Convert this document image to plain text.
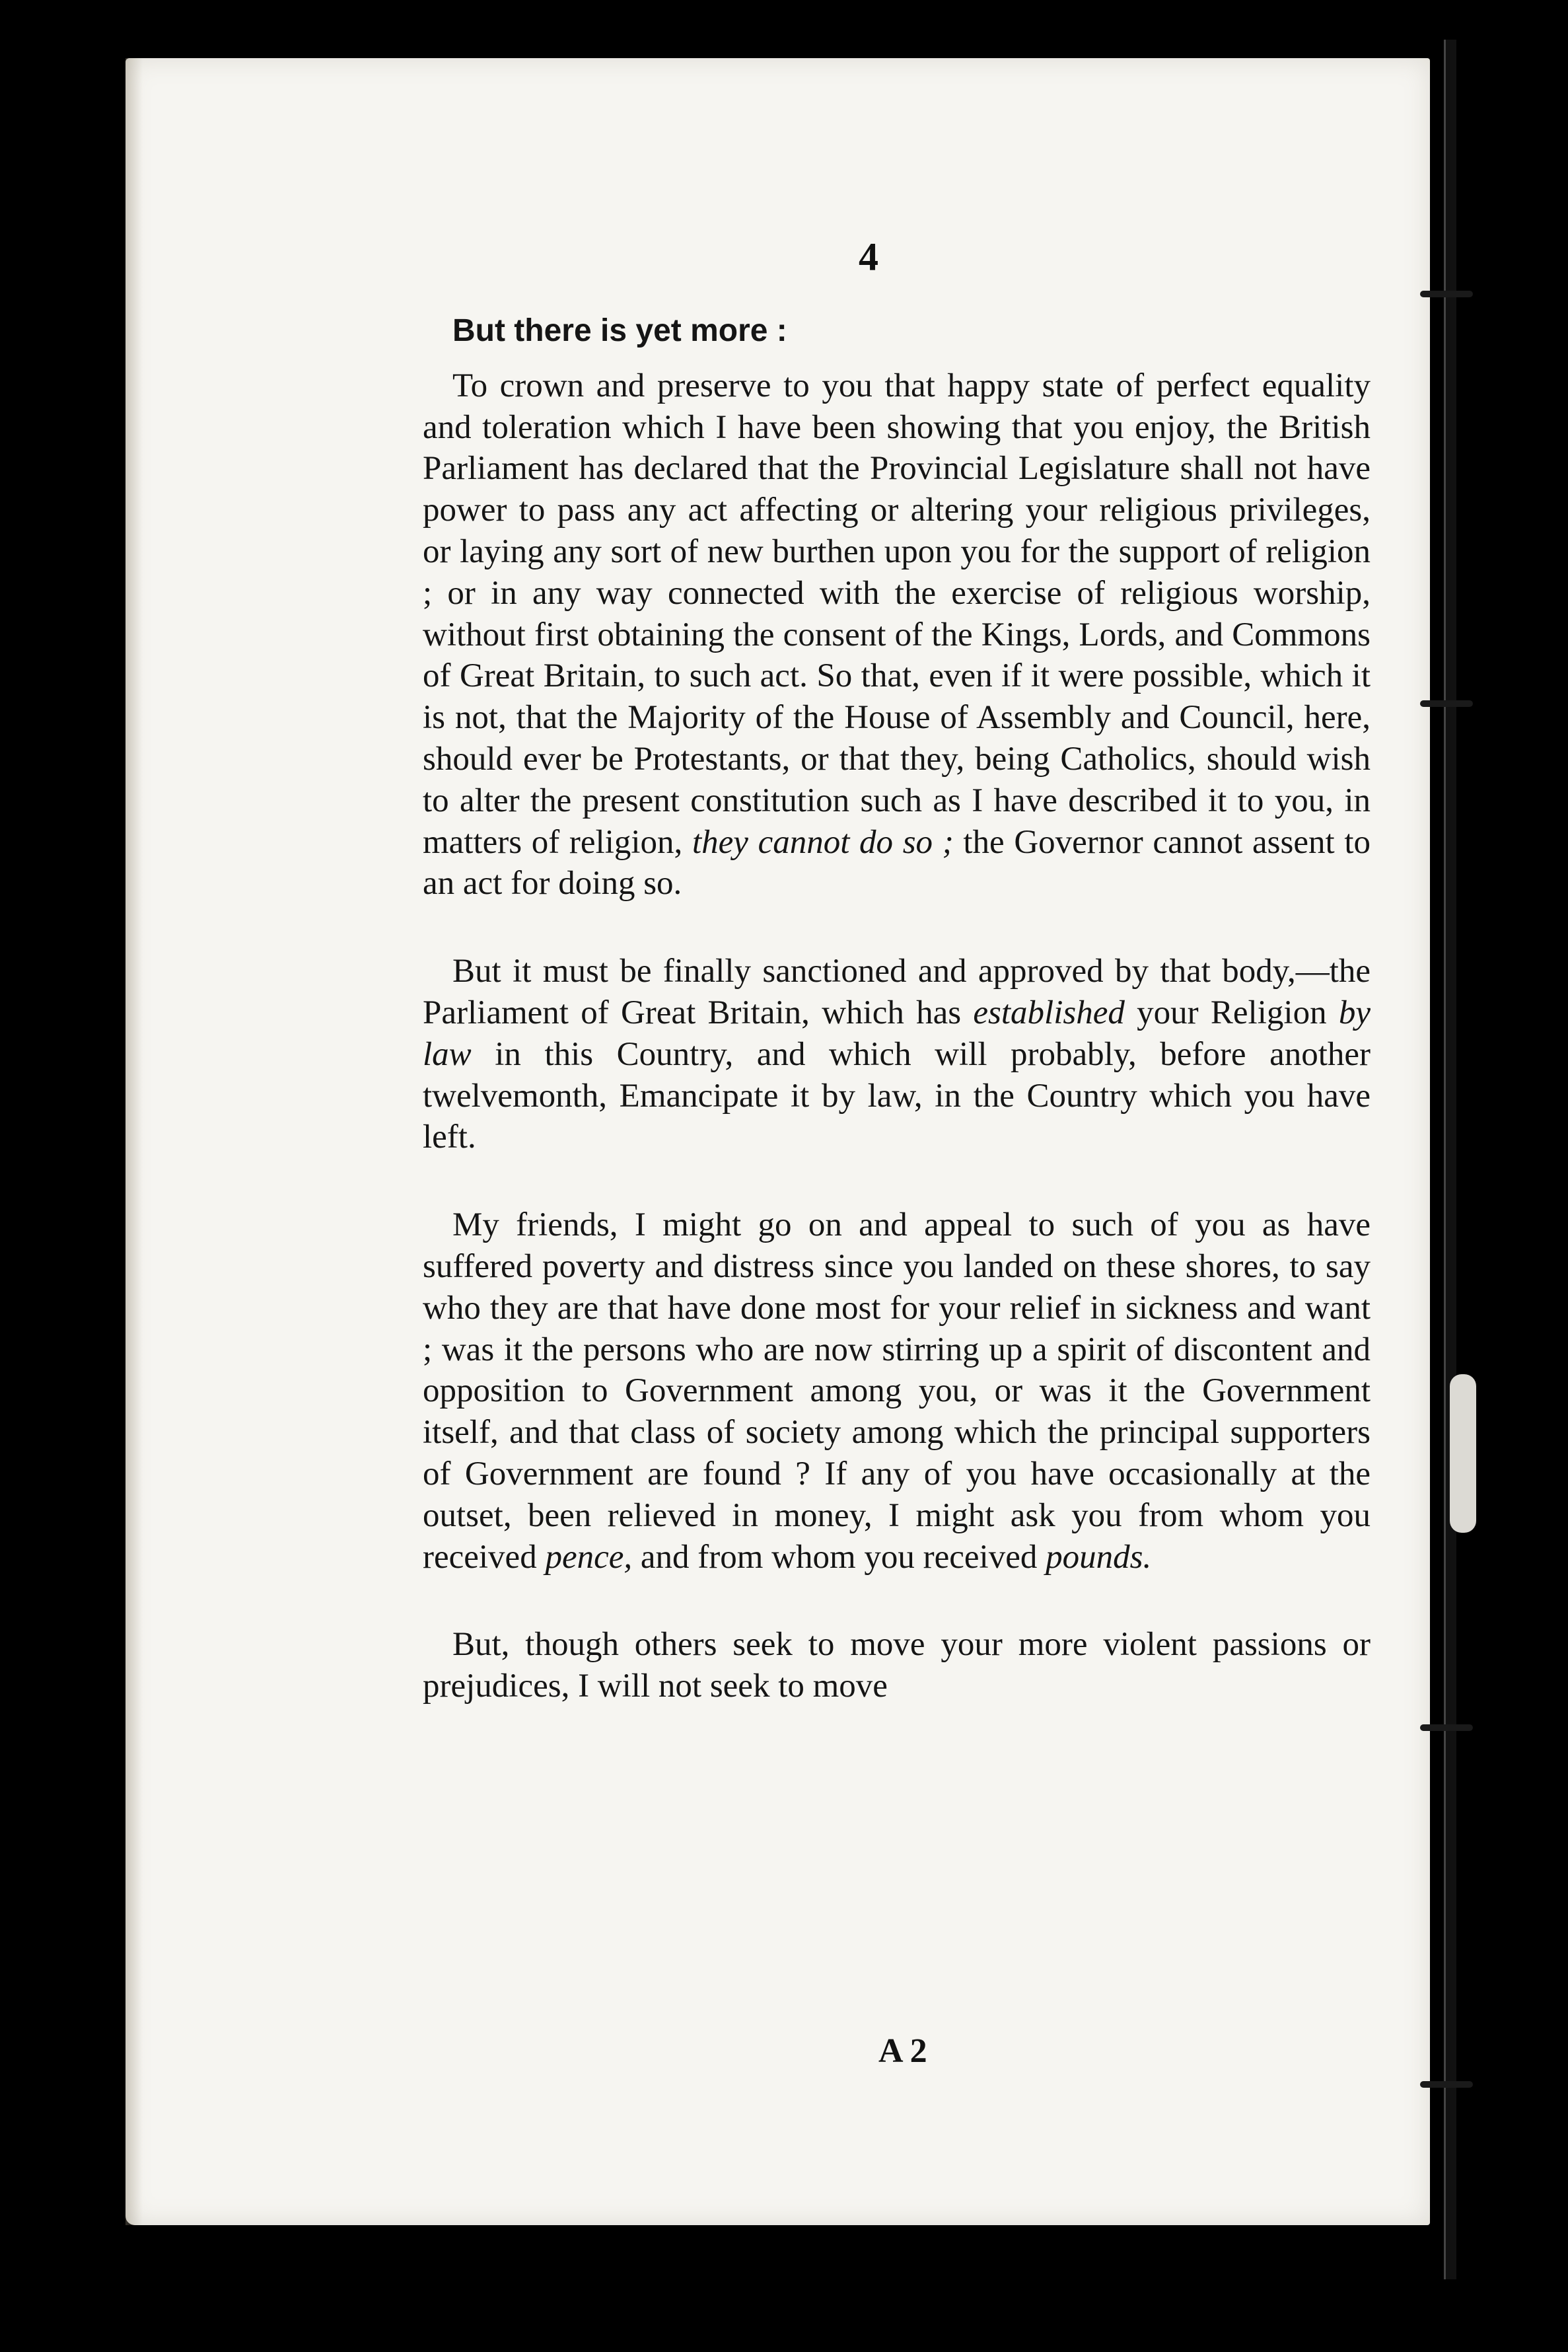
4

But there is yet more :

To crown and preserve to you that happy state of perfect equality and toleration which I have been showing that you enjoy, the British Parliament has declared that the Provincial Legislature shall not have power to pass any act affecting or altering your religious privileges, or laying any sort of new burthen upon you for the support of religion ; or in any way connected with the exercise of religious worship, without first obtaining the consent of the Kings, Lords, and Commons of Great Britain, to such act. So that, even if it were possible, which it is not, that the Majority of the House of Assembly and Council, here, should ever be Protestants, or that they, being Catholics, should wish to alter the present constitution such as I have described it to you, in matters of religion, they cannot do so ; the Governor cannot assent to an act for doing so.

But it must be finally sanctioned and approved by that body,—the Parliament of Great Britain, which has established your Religion by law in this Country, and which will probably, before another twelvemonth, Emancipate it by law, in the Country which you have left.

My friends, I might go on and appeal to such of you as have suffered poverty and distress since you landed on these shores, to say who they are that have done most for your relief in sickness and want ; was it the persons who are now stirring up a spirit of discontent and opposition to Government among you, or was it the Government itself, and that class of society among which the principal supporters of Government are found ? If any of you have occasionally at the outset, been relieved in money, I might ask you from whom you received pence, and from whom you received pounds.

But, though others seek to move your more violent passions or prejudices, I will not seek to move

A 2
